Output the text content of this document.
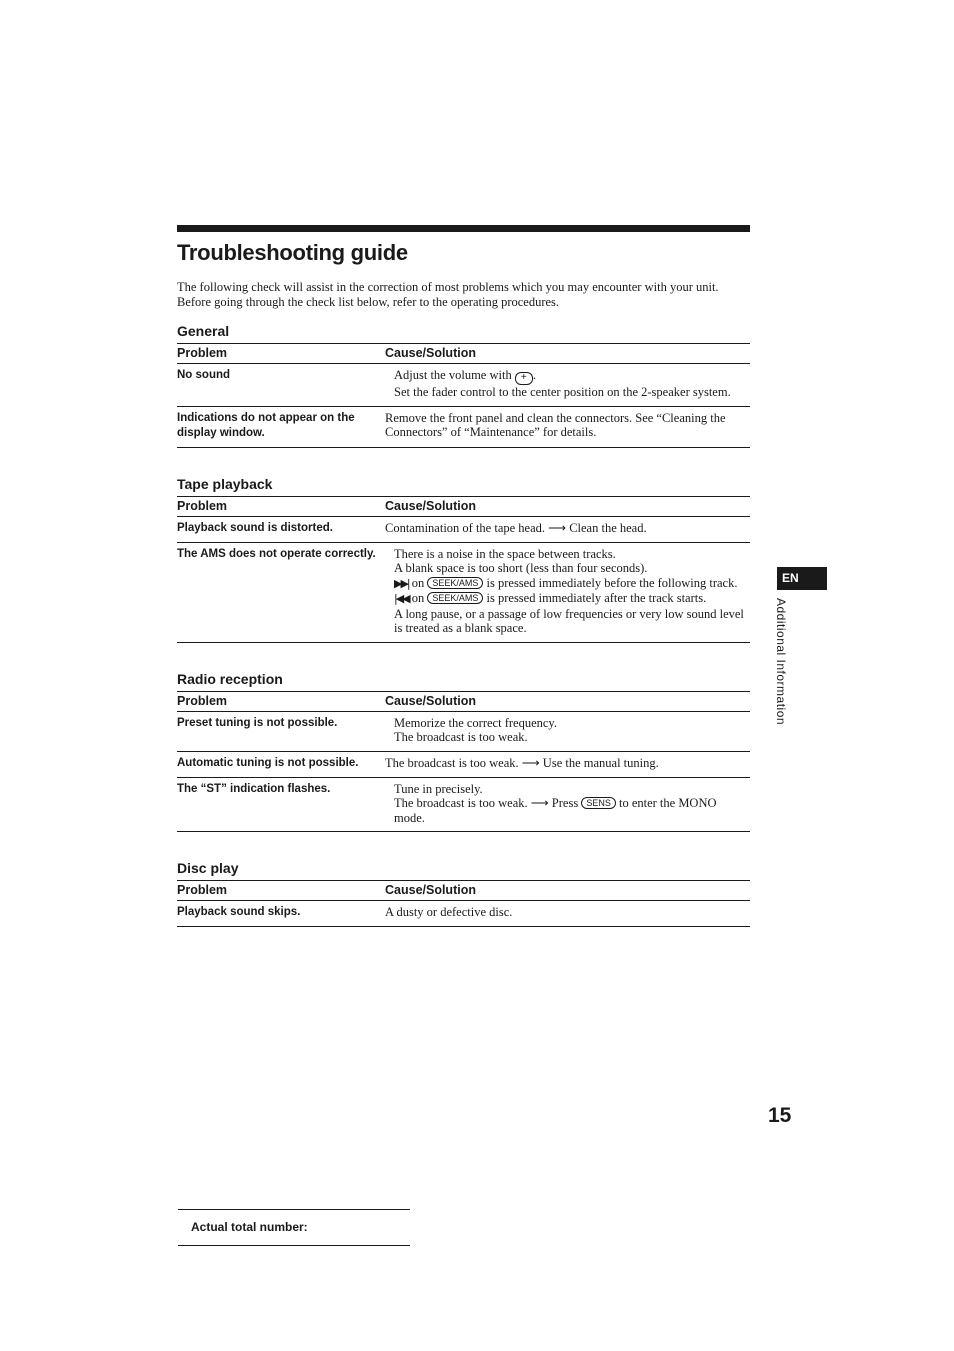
Troubleshooting guide

The following check will assist in the correction of most problems which you may encounter with your unit.

Before going through the check list below, refer to the operating procedures.

General
Problem	Cause/Solution
No sound	Adjust the volume with + .
Set the fader control to the center position on the 2-speaker system.

Indications do not appear on the display window.	Remove the front panel and clean the connectors. See “Cleaning the Connectors” of “Maintenance” for details.
Tape playback
Problem	Cause/Solution
Playback sound is distorted.	Contamination of the tape head. ⟶ Clean the head.
The AMS does not operate correctly.	There is a noise in the space between tracks.
A blank space is too short (less than four seconds).
▶▶| on SEEK/AMS is pressed immediately before the following track.
|◀◀ on SEEK/AMS is pressed immediately after the track starts.
A long pause, or a passage of low frequencies or very low sound level is treated as a blank space.
Radio reception
Problem	Cause/Solution
Preset tuning is not possible.	Memorize the correct frequency.
The broadcast is too weak.

Automatic tuning is not possible.	The broadcast is too weak. ⟶ Use the manual tuning.
The “ST” indication flashes.	Tune in precisely.
The broadcast is too weak. ⟶ Press SENS to enter the MONO mode.
Disc play
Problem	Cause/Solution
Playback sound skips.	A dusty or defective disc.
EN
Additional Information
15
Actual total number:
